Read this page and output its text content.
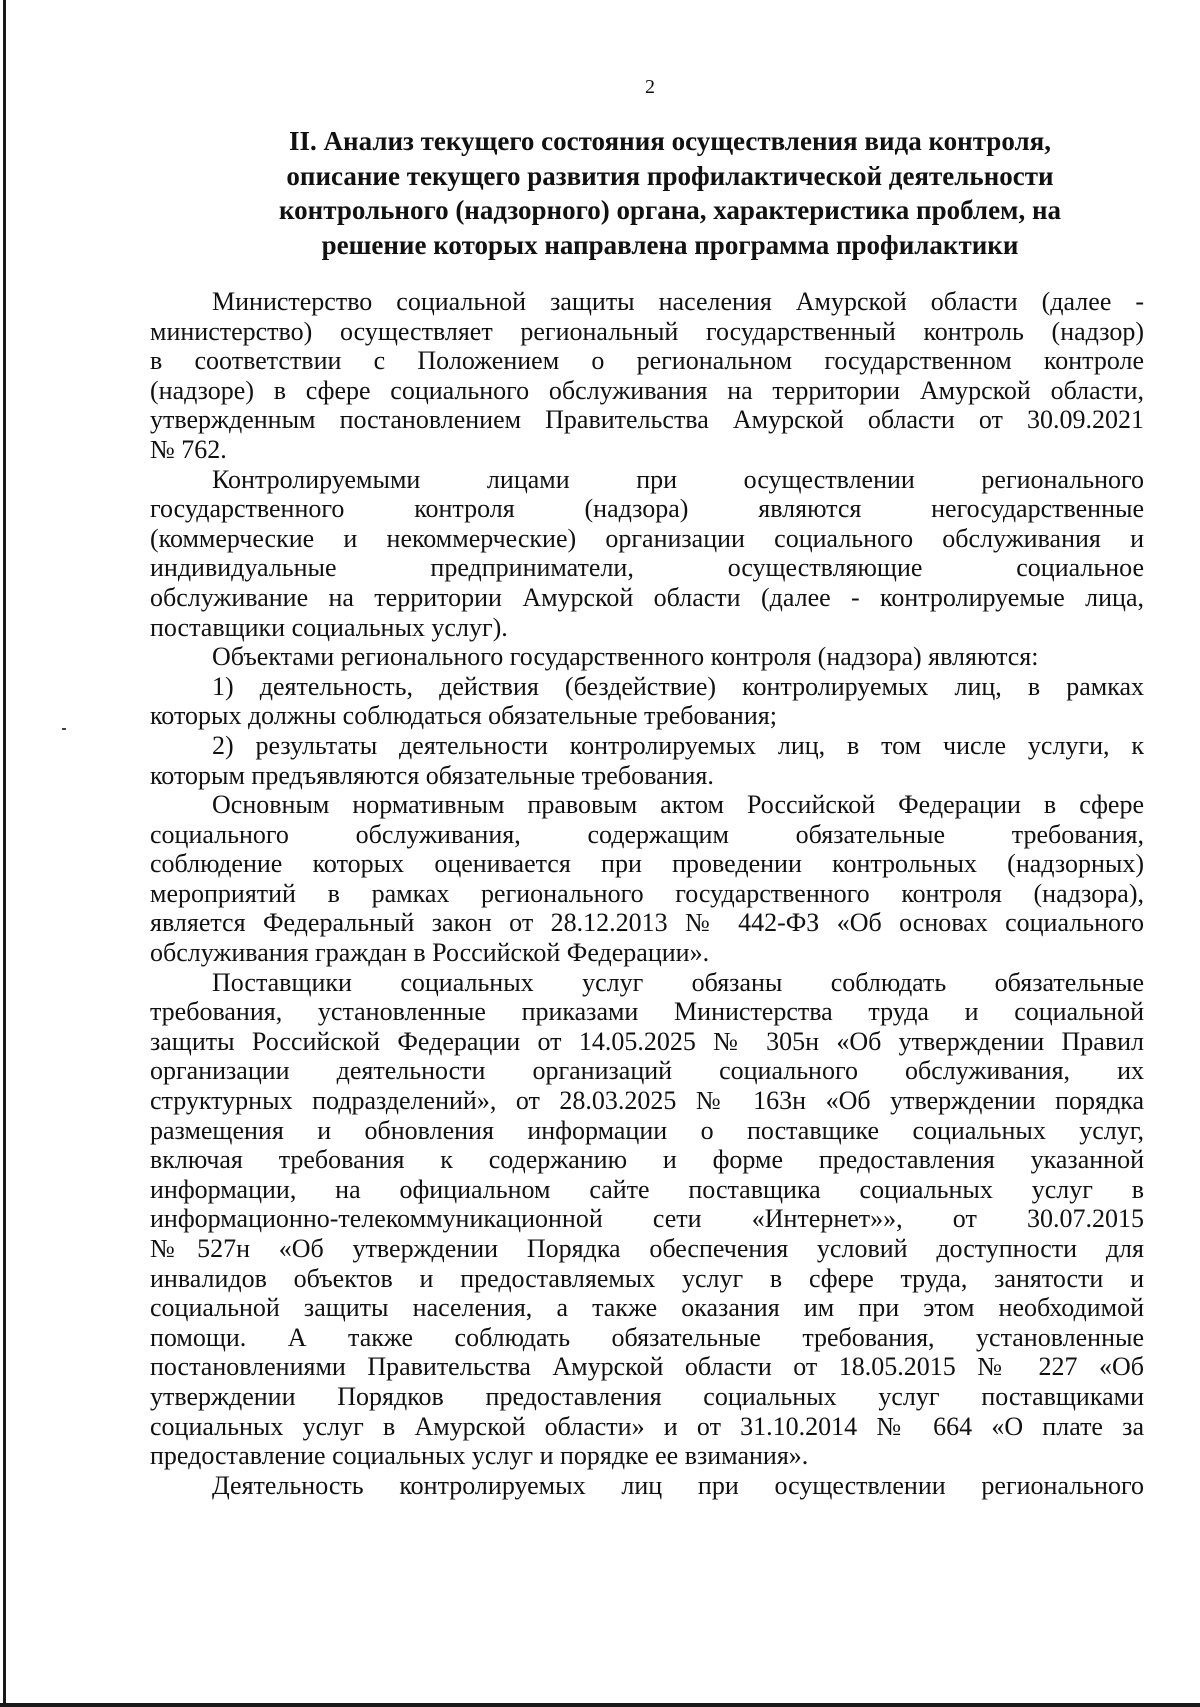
2
II. Анализ текущего состояния осуществления вида контроля,
описание текущего развития профилактической деятельности
контрольного (надзорного) органа, характеристика проблем, на
решение которых направлена программа профилактики
Министерство социальной защиты населения Амурской области (далее -
министерство) осуществляет региональный государственный контроль (надзор)
в соответствии с Положением о региональном государственном контроле
(надзоре) в сфере социального обслуживания на территории Амурской области,
утвержденным постановлением Правительства Амурской области от 30.09.2021
№ 762.
Контролируемыми лицами при осуществлении регионального
государственного контроля (надзора) являются негосударственные
(коммерческие и некоммерческие) организации социального обслуживания и
индивидуальные предприниматели, осуществляющие социальное
обслуживание на территории Амурской области (далее - контролируемые лица,
поставщики социальных услуг).
Объектами регионального государственного контроля (надзора) являются:
1) деятельность, действия (бездействие) контролируемых лиц, в рамках
которых должны соблюдаться обязательные требования;
2) результаты деятельности контролируемых лиц, в том числе услуги, к
которым предъявляются обязательные требования.
Основным нормативным правовым актом Российской Федерации в сфере
социального обслуживания, содержащим обязательные требования,
соблюдение которых оценивается при проведении контрольных (надзорных)
мероприятий в рамках регионального государственного контроля (надзора),
является Федеральный закон от 28.12.2013 № 442-ФЗ «Об основах социального
обслуживания граждан в Российской Федерации».
Поставщики социальных услуг обязаны соблюдать обязательные
требования, установленные приказами Министерства труда и социальной
защиты Российской Федерации от 14.05.2025 № 305н «Об утверждении Правил
организации деятельности организаций социального обслуживания, их
структурных подразделений», от 28.03.2025 № 163н «Об утверждении порядка
размещения и обновления информации о поставщике социальных услуг,
включая требования к содержанию и форме предоставления указанной
информации, на официальном сайте поставщика социальных услуг в
информационно-телекоммуникационной сети «Интернет»», от 30.07.2015
№527н «Об утверждении Порядка обеспечения условий доступности для
инвалидов объектов и предоставляемых услуг в сфере труда, занятости и
социальной защиты населения, а также оказания им при этом необходимой
помощи. А также соблюдать обязательные требования, установленные
постановлениями Правительства Амурской области от 18.05.2015 № 227 «Об
утверждении Порядков предоставления социальных услуг поставщиками
социальных услуг в Амурской области» и от 31.10.2014 № 664 «О плате за
предоставление социальных услуг и порядке ее взимания».
Деятельность контролируемых лиц при осуществлении регионального
